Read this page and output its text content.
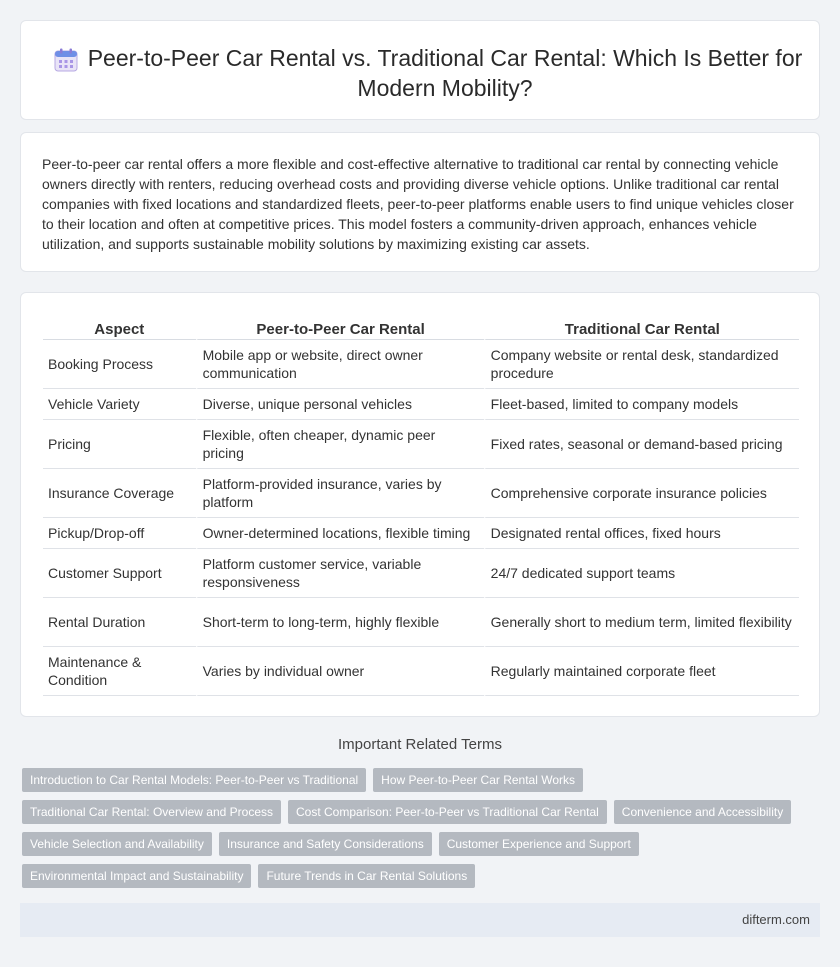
Peer-to-Peer Car Rental vs. Traditional Car Rental: Which Is Better for Modern Mobility?

Peer-to-peer car rental offers a more flexible and cost-effective alternative to traditional car rental by connecting vehicle owners directly with renters, reducing overhead costs and providing diverse vehicle options. Unlike traditional car rental companies with fixed locations and standardized fleets, peer-to-peer platforms enable users to find unique vehicles closer to their location and often at competitive prices. This model fosters a community-driven approach, enhances vehicle utilization, and supports sustainable mobility solutions by maximizing existing car assets.

Aspect	Peer-to-Peer Car Rental	Traditional Car Rental
Booking Process	Mobile app or website, direct owner communication	Company website or rental desk, standardized procedure
Vehicle Variety	Diverse, unique personal vehicles	Fleet-based, limited to company models
Pricing	Flexible, often cheaper, dynamic peer pricing	Fixed rates, seasonal or demand-based pricing
Insurance Coverage	Platform-provided insurance, varies by platform	Comprehensive corporate insurance policies
Pickup/Drop-off	Owner-determined locations, flexible timing	Designated rental offices, fixed hours
Customer Support	Platform customer service, variable responsiveness	24/7 dedicated support teams
Rental Duration	Short-term to long-term, highly flexible	Generally short to medium term, limited flexibility
Maintenance & Condition	Varies by individual owner	Regularly maintained corporate fleet
Important Related Terms
Introduction to Car Rental Models: Peer-to-Peer vs Traditional	How Peer-to-Peer Car Rental Works
Traditional Car Rental: Overview and Process	Cost Comparison: Peer-to-Peer vs Traditional Car Rental	Convenience and Accessibility
Vehicle Selection and Availability	Insurance and Safety Considerations	Customer Experience and Support
Environmental Impact and Sustainability	Future Trends in Car Rental Solutions
difterm.com
